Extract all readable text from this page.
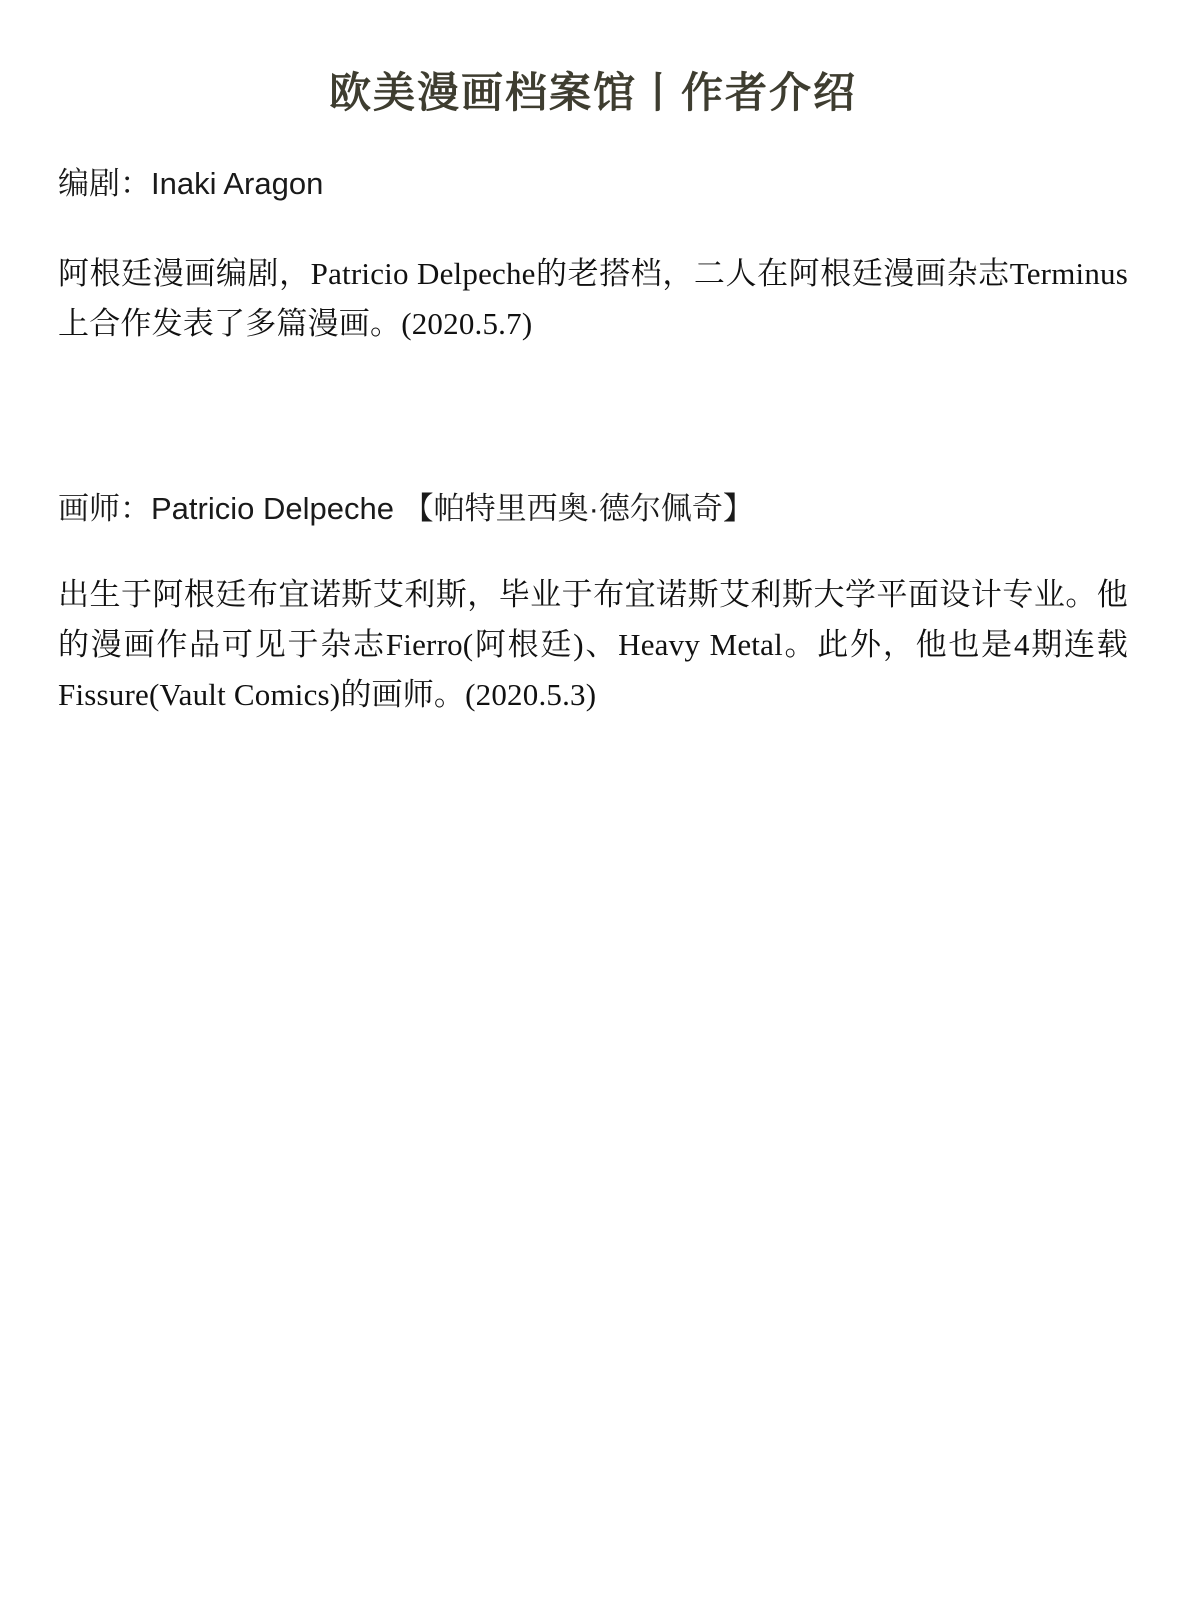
欧美漫画档案馆丨作者介绍
编剧：Inaki Aragon

阿根廷漫画编剧，Patricio Delpeche的老搭档，二人在阿根廷漫画杂志Terminus上合作发表了多篇漫画。(2020.5.7)

画师：Patricio Delpeche 【帕特里西奥·德尔佩奇】

出生于阿根廷布宜诺斯艾利斯，毕业于布宜诺斯艾利斯大学平面设计专业。他的漫画作品可见于杂志Fierro(阿根廷)、Heavy Metal。此外，他也是4期连载Fissure(Vault Comics)的画师。(2020.5.3)
